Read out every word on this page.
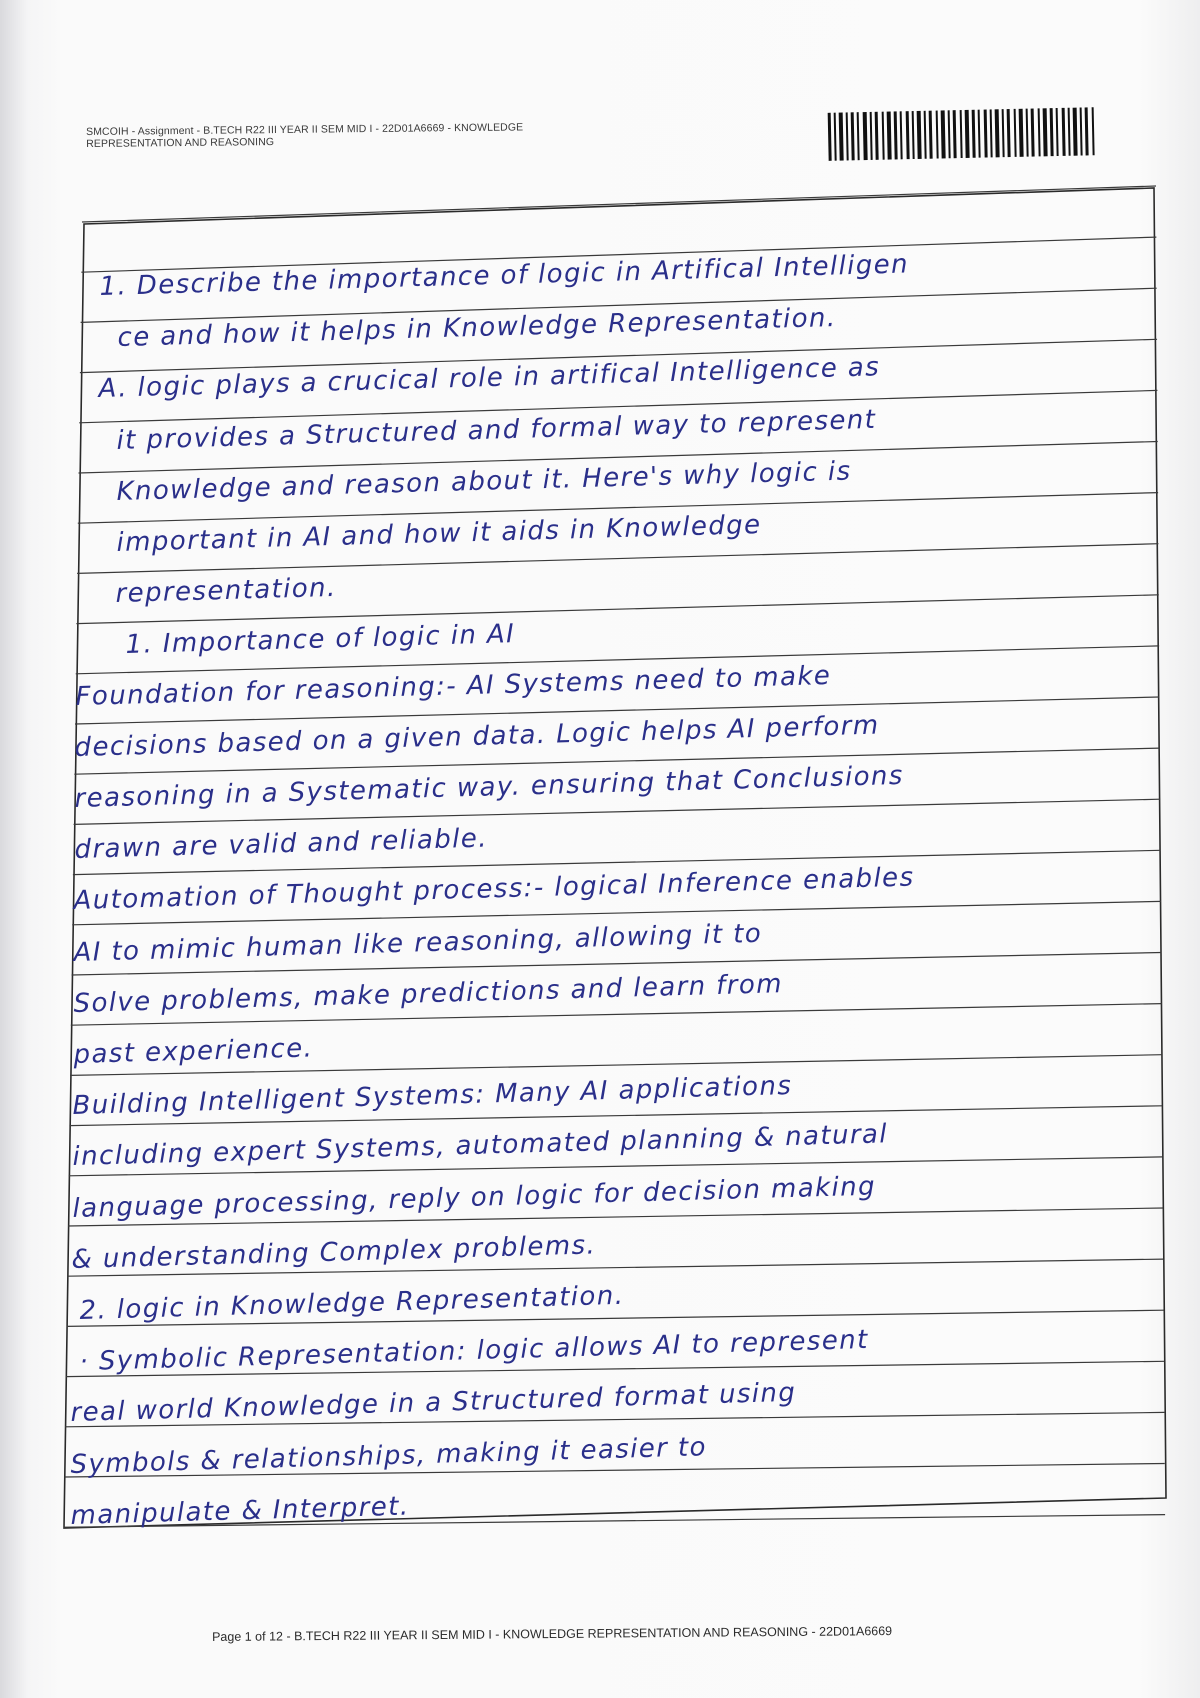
SMCOIH - Assignment - B.TECH R22 III YEAR II SEM MID I - 22D01A6669 - KNOWLEDGE
REPRESENTATION AND REASONING
1. Describe the importance of logic in Artifical Intelligen
ce and how it helps in Knowledge Representation.
A. logic plays a crucical role in artifical Intelligence as
it provides a Structured and formal way to represent
Knowledge and reason about it. Here's why logic is
important in AI and how it aids in Knowledge
representation.
1. Importance of logic in AI
Foundation for reasoning:- AI Systems need to make
decisions based on a given data. Logic helps AI perform
reasoning in a Systematic way. ensuring that Conclusions
drawn are valid and reliable.
Automation of Thought process:- logical Inference enables
AI to mimic human like reasoning, allowing it to
Solve problems, make predictions and learn from
past experience.
Building Intelligent Systems: Many AI applications
including expert Systems, automated planning & natural
language processing, reply on logic for decision making
& understanding Complex problems.
2. logic in Knowledge Representation.
· Symbolic Representation: logic allows AI to represent
real world Knowledge in a Structured format using
Symbols & relationships, making it easier to
manipulate & Interpret.
Page 1 of 12 - B.TECH R22 III YEAR II SEM MID I - KNOWLEDGE REPRESENTATION AND REASONING - 22D01A6669
